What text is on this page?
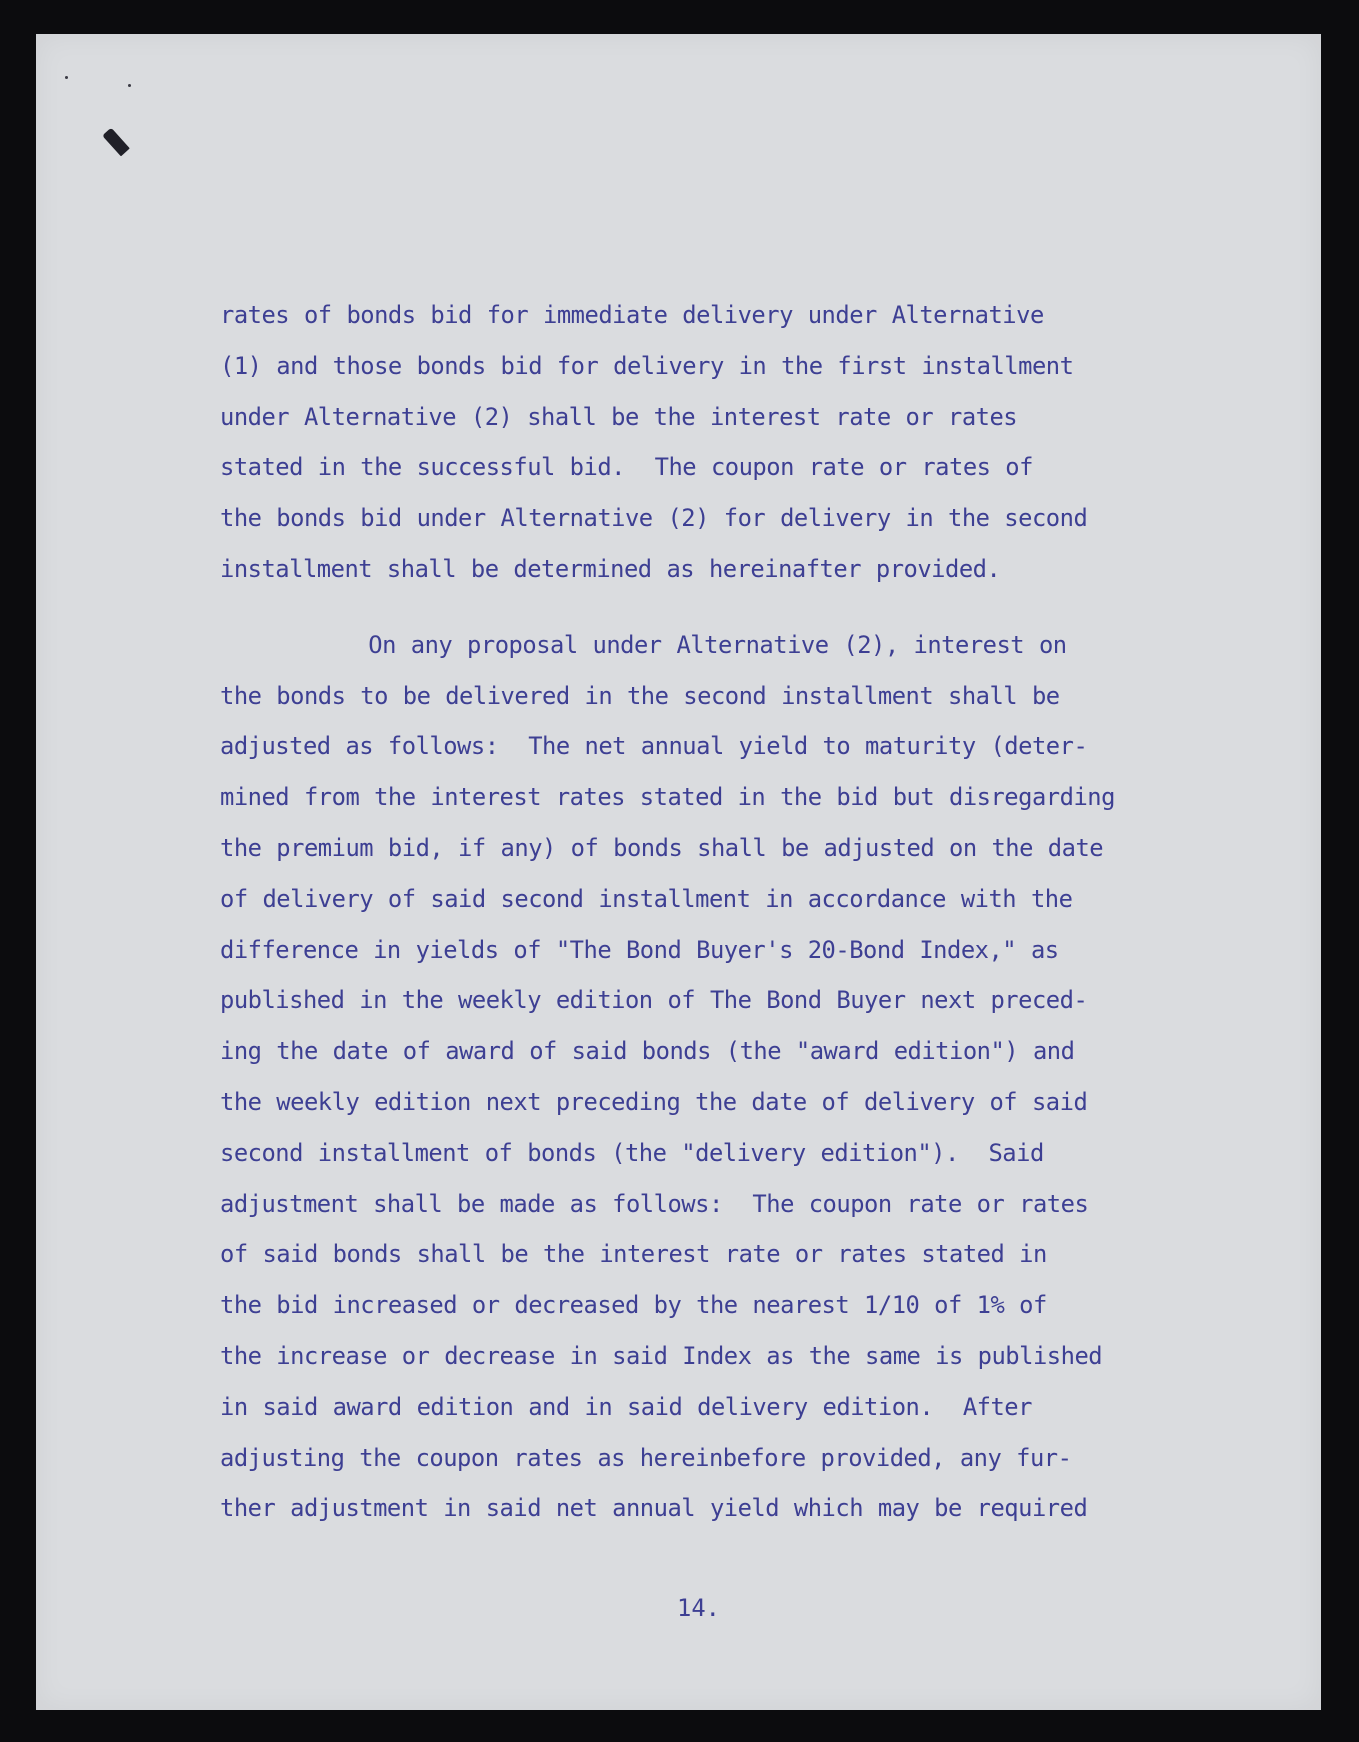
rates of bonds bid for immediate delivery under Alternative
(1) and those bonds bid for delivery in the first installment
under Alternative (2) shall be the interest rate or rates
stated in the successful bid.  The coupon rate or rates of
the bonds bid under Alternative (2) for delivery in the second
installment shall be determined as hereinafter provided.
On any proposal under Alternative (2), interest on
the bonds to be delivered in the second installment shall be
adjusted as follows:  The net annual yield to maturity (deter-
mined from the interest rates stated in the bid but disregarding
the premium bid, if any) of bonds shall be adjusted on the date
of delivery of said second installment in accordance with the
difference in yields of "The Bond Buyer's 20-Bond Index," as
published in the weekly edition of The Bond Buyer next preced-
ing the date of award of said bonds (the "award edition") and
the weekly edition next preceding the date of delivery of said
second installment of bonds (the "delivery edition").  Said
adjustment shall be made as follows:  The coupon rate or rates
of said bonds shall be the interest rate or rates stated in
the bid increased or decreased by the nearest 1/10 of 1% of
the increase or decrease in said Index as the same is published
in said award edition and in said delivery edition.  After
adjusting the coupon rates as hereinbefore provided, any fur-
ther adjustment in said net annual yield which may be required
14.
